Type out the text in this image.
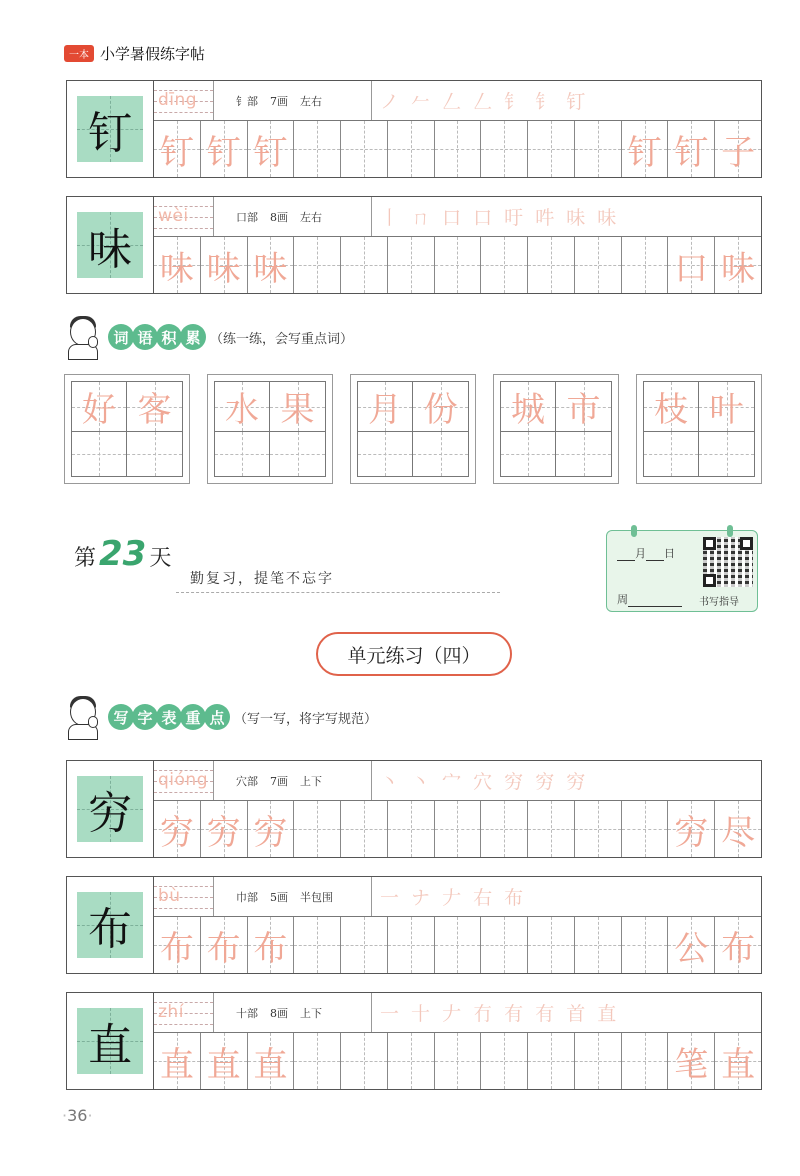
一本 小学暑假练字帖
钉
dīng	钅部 7画 左右	ノ 𠂉 𠃋 𠃋 钅 钅 钉
钉 钉 钉	钉 钉 子
味
wèi	口部 8画 左右	丨 ㄇ 口 口 吁 吽 味 味
味 味 味	口 味
词 语 积 累 （练一练，会写重点词）
好 客 水 果 月 份 城 市 枝 叶
第 23 天
勤复习，提笔不忘字
月 日
周	书写指导
单元练习（四）
写 字 表 重 点 （写一写，将字写规范）
穷
qióng	穴部 7画 上下	丶 丶 宀 穴 穷 穷 穷
穷 穷 穷	穷 尽
布
bù	巾部 5画 半包围	一 ナ 𠂇 右 布
布 布 布	公 布
直
zhí	十部 8画 上下	一 十 𠂇 冇 有 有 首 直
直 直 直	笔 直
· 36 ·
